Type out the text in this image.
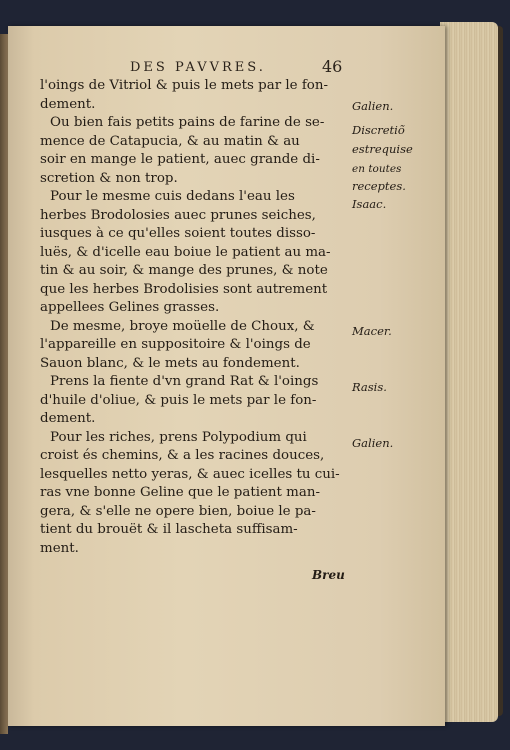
DES PAVVRES.	46
l'oings de Vitriol & puis le mets par le fon-
dement.
Ou bien fais petits pains de farine de se-
mence de Catapucia, & au matin & au
soir en mange le patient, auec grande di-
scretion & non trop.
Pour le mesme cuis dedans l'eau les
herbes Brodolosies auec prunes seiches,
iusques à ce qu'elles soient toutes disso-
luës, & d'icelle eau boiue le patient au ma-
tin & au soir, & mange des prunes, & note
que les herbes Brodolisies sont autrement
appellees Gelines grasses.
De mesme, broye moüelle de Choux, &
l'appareille en suppositoire & l'oings de
Sauon blanc, & le mets au fondement.
Prens la fiente d'vn grand Rat & l'oings
d'huile d'oliue, & puis le mets par le fon-
dement.
Pour les riches, prens Polypodium qui
croist és chemins, & a les racines douces,
lesquelles netto yeras, & auec icelles tu cui-
ras vne bonne Geline que le patient man-
gera, & s'elle ne opere bien, boiue le pa-
tient du brouët & il lascheta suffisam-
ment.
Galien.
Discretiõ
estrequise
en toutes
receptes.
Isaac.
Macer.
Rasis.
Galien.
Breu
